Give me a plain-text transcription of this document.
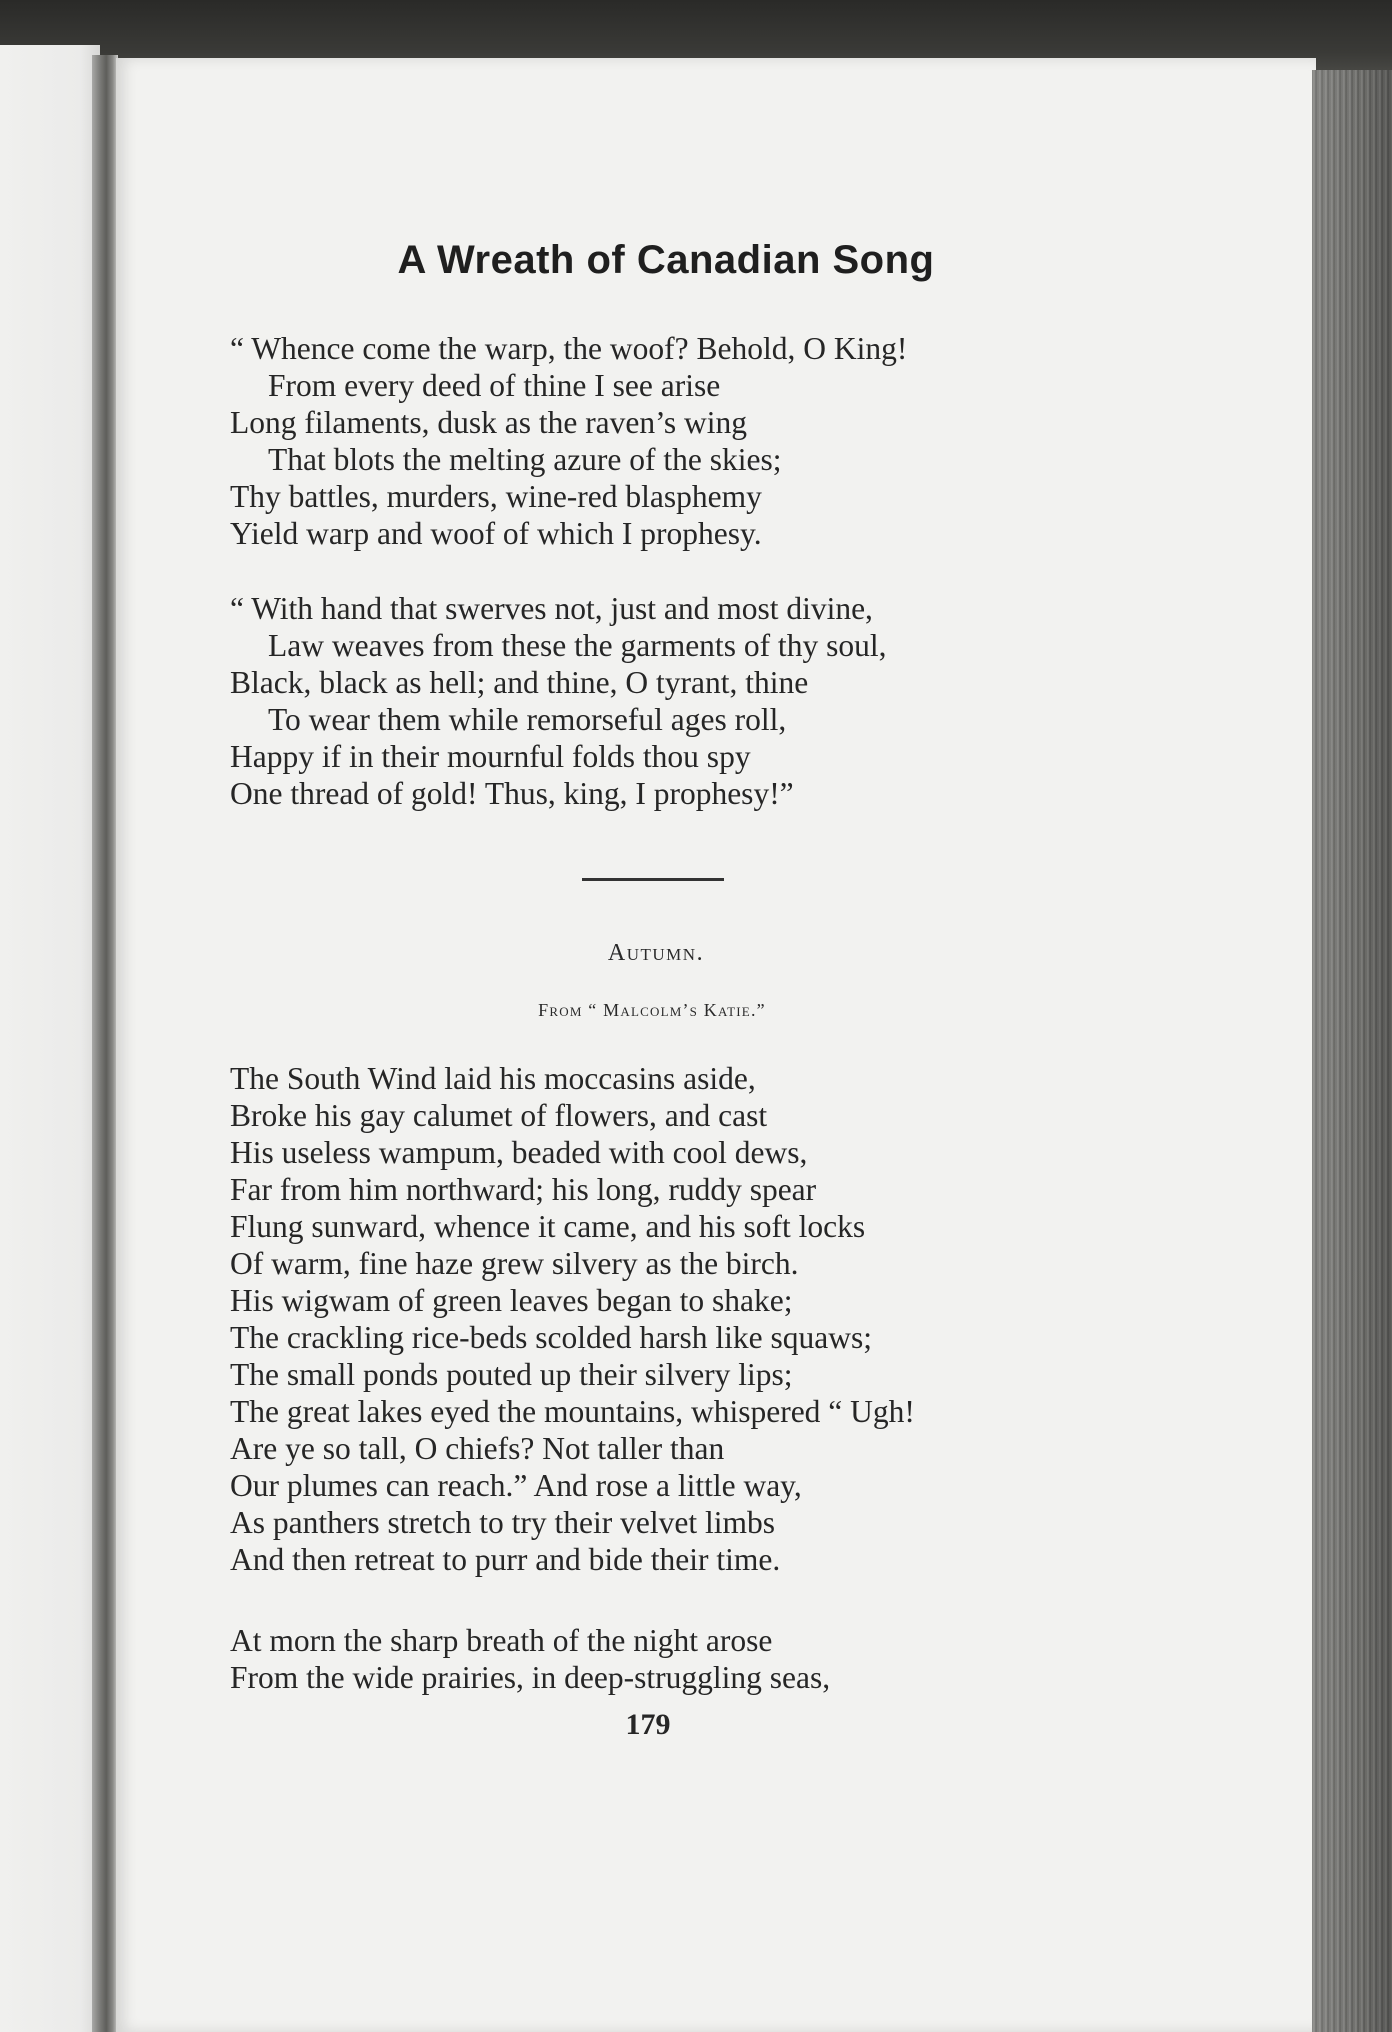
A Wreath of Canadian Song
“ Whence come the warp, the woof? Behold, O King!
From every deed of thine I see arise
Long filaments, dusk as the raven’s wing
That blots the melting azure of the skies;
Thy battles, murders, wine-red blasphemy
Yield warp and woof of which I prophesy.
“ With hand that swerves not, just and most divine,
Law weaves from these the garments of thy soul,
Black, black as hell; and thine, O tyrant, thine
To wear them while remorseful ages roll,
Happy if in their mournful folds thou spy
One thread of gold! Thus, king, I prophesy!”
Autumn.
From “ Malcolm’s Katie.”
The South Wind laid his moccasins aside,
Broke his gay calumet of flowers, and cast
His useless wampum, beaded with cool dews,
Far from him northward; his long, ruddy spear
Flung sunward, whence it came, and his soft locks
Of warm, fine haze grew silvery as the birch.
His wigwam of green leaves began to shake;
The crackling rice-beds scolded harsh like squaws;
The small ponds pouted up their silvery lips;
The great lakes eyed the mountains, whispered “ Ugh!
Are ye so tall, O chiefs? Not taller than
Our plumes can reach.” And rose a little way,
As panthers stretch to try their velvet limbs
And then retreat to purr and bide their time.
At morn the sharp breath of the night arose
From the wide prairies, in deep-struggling seas,
179
